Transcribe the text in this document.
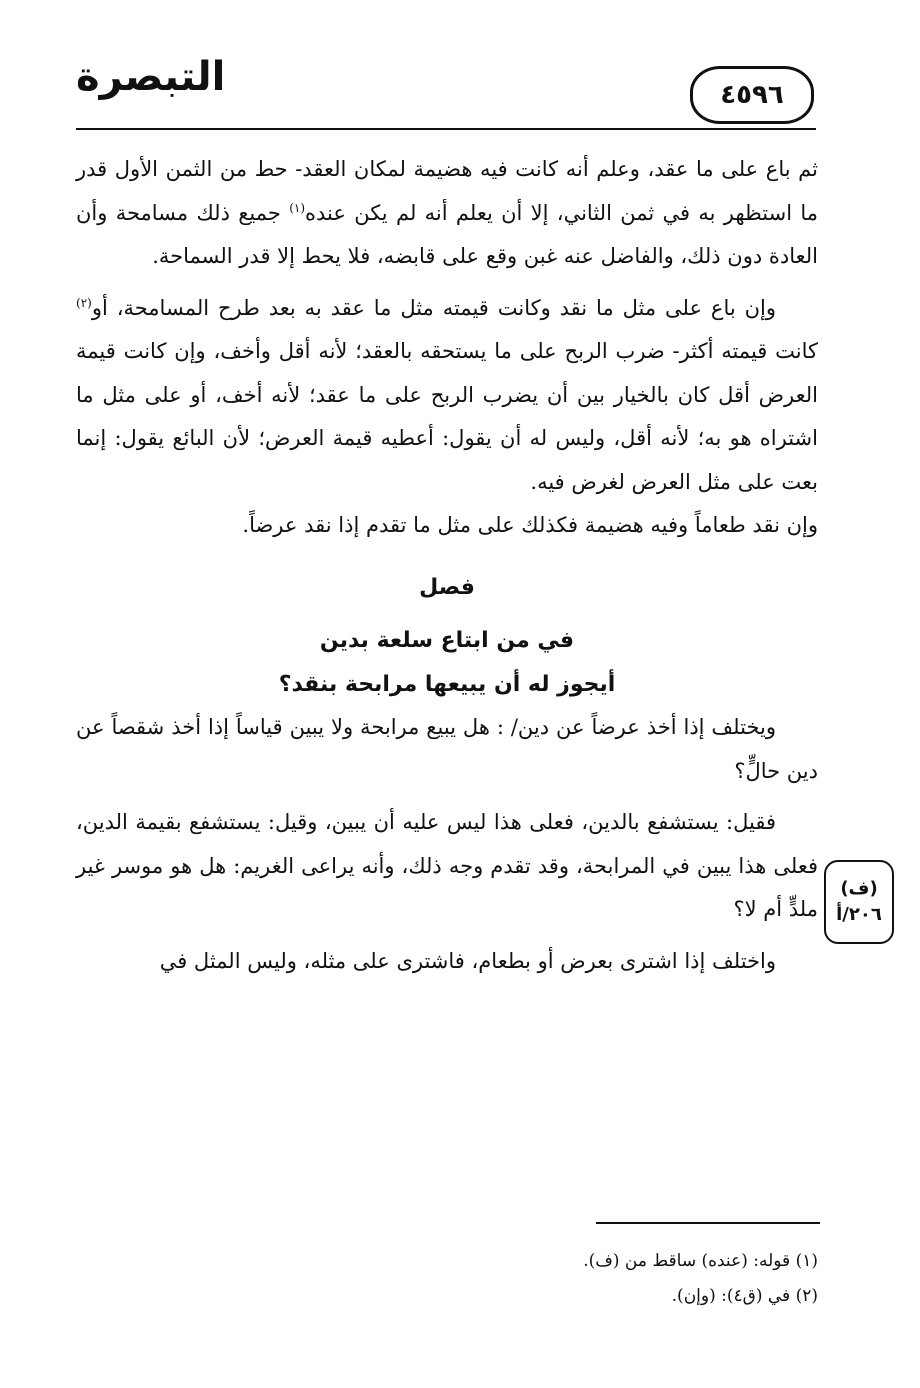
التبصرة	٤٥٩٦

ثم باع على ما عقد، وعلم أنه كانت فيه هضيمة لمكان العقد- حط من الثمن الأول قدر ما استظهر به في ثمن الثاني، إلا أن يعلم أنه لم يكن عنده$^{(١)}$ جميع ذلك مسامحة وأن العادة دون ذلك، والفاضل عنه غبن وقع على قابضه، فلا يحط إلا قدر السماحة.

وإن باع على مثل ما نقد وكانت قيمته مثل ما عقد به بعد طرح المسامحة، أو$^{(٢)}$ كانت قيمته أكثر- ضرب الربح على ما يستحقه بالعقد؛ لأنه أقل وأخف، وإن كانت قيمة العرض أقل كان بالخيار بين أن يضرب الربح على ما عقد؛ لأنه أخف، أو على مثل ما اشتراه هو به؛ لأنه أقل، وليس له أن يقول: أعطيه قيمة العرض؛ لأن البائع يقول: إنما بعت على مثل العرض لغرض فيه.

وإن نقد طعاماً وفيه هضيمة فكذلك على مثل ما تقدم إذا نقد عرضاً.

فصل

في من ابتاع سلعة بدين

أيجوز له أن يبيعها مرابحة بنقد؟

ويختلف إذا أخذ عرضاً عن دين/ : هل يبيع مرابحة ولا يبين قياساً إذا أخذ شقصاً عن دين حالٍّ؟

فقيل: يستشفع بالدين، فعلى هذا ليس عليه أن يبين، وقيل: يستشفع بقيمة الدين، فعلى هذا يبين في المرابحة، وقد تقدم وجه ذلك، وأنه يراعى الغريم: هل هو موسر غير ملدٍّ أم لا؟

واختلف إذا اشترى بعرض أو بطعام، فاشترى على مثله، وليس المثل في

(ف)
٢٠٦/أ
(١) قوله: (عنده) ساقط من (ف).
(٢) في (ق٤): (وإن).
